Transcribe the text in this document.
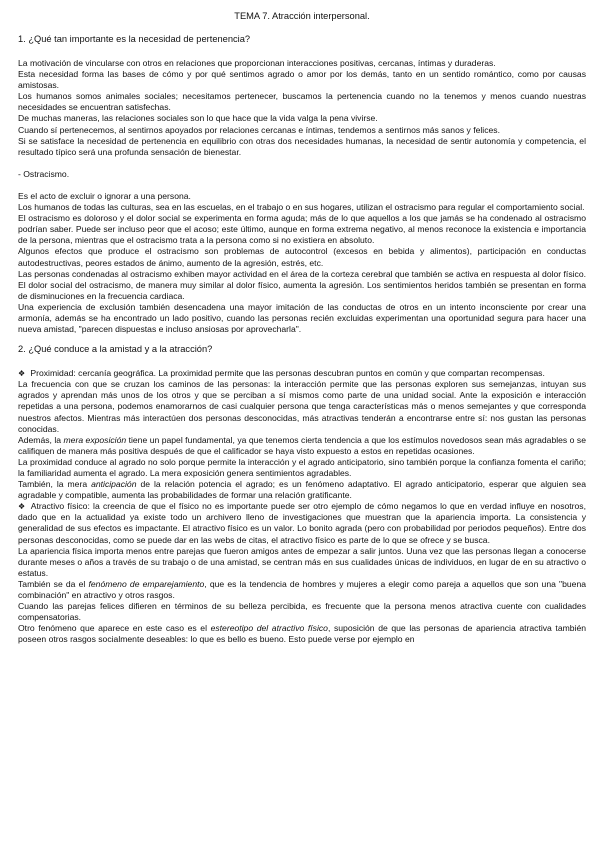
TEMA 7. Atracción interpersonal.
1. ¿Qué tan importante es la necesidad de pertenencia?

La motivación de vincularse con otros en relaciones que proporcionan interacciones positivas, cercanas, íntimas y duraderas.

Esta necesidad forma las bases de cómo y por qué sentimos agrado o amor por los demás, tanto en un sentido romántico, como por causas amistosas.

Los humanos somos animales sociales; necesitamos pertenecer, buscamos la pertenencia cuando no la tenemos y menos cuando nuestras necesidades se encuentran satisfechas.

De muchas maneras, las relaciones sociales son lo que hace que la vida valga la pena vivirse.

Cuando sí pertenecemos, al sentirnos apoyados por relaciones cercanas e íntimas, tendemos a sentirnos más sanos y felices.

Si se satisface la necesidad de pertenencia en equilibrio con otras dos necesidades humanas, la necesidad de sentir autonomía y competencia, el resultado típico será una profunda sensación de bienestar.

- Ostracismo.

Es el acto de excluir o ignorar a una persona.

Los humanos de todas las culturas, sea en las escuelas, en el trabajo o en sus hogares, utilizan el ostracismo para regular el comportamiento social.

El ostracismo es doloroso y el dolor social se experimenta en forma aguda; más de lo que aquellos a los que jamás se ha condenado al ostracismo podrían saber. Puede ser incluso peor que el acoso; este último, aunque en forma extrema negativo, al menos reconoce la existencia e importancia de la persona, mientras que el ostracismo trata a la persona como si no existiera en absoluto.

Algunos efectos que produce el ostracismo son problemas de autocontrol (excesos en bebida y alimentos), participación en conductas autodestructivas, peores estados de ánimo, aumento de la agresión, estrés, etc.

Las personas condenadas al ostracismo exhiben mayor actividad en el área de la corteza cerebral que también se activa en respuesta al dolor físico. El dolor social del ostracismo, de manera muy similar al dolor físico, aumenta la agresión. Los sentimientos heridos también se presentan en forma de disminuciones en la frecuencia cardiaca.

Una experiencia de exclusión también desencadena una mayor imitación de las conductas de otros en un intento inconsciente por crear una armonía, además se ha encontrado un lado positivo, cuando las personas recién excluidas experimentan una oportunidad segura para hacer una nueva amistad, "parecen dispuestas e incluso ansiosas por aprovecharla".

2. ¿Qué conduce a la amistad y a la atracción?

❖ Proximidad: cercanía geográfica. La proximidad permite que las personas descubran puntos en común y que compartan recompensas.

La frecuencia con que se cruzan los caminos de las personas: la interacción permite que las personas exploren sus semejanzas, intuyan sus agrados y aprendan más unos de los otros y que se perciban a sí mismos como parte de una unidad social. Ante la exposición e interacción repetidas a una persona, podemos enamorarnos de casi cualquier persona que tenga características más o menos semejantes y que corresponda nuestros afectos. Mientras más interactúen dos personas desconocidas, más atractivas tenderán a encontrarse entre sí: nos gustan las personas conocidas.

Además, la mera exposición tiene un papel fundamental, ya que tenemos cierta tendencia a que los estímulos novedosos sean más agradables o se califiquen de manera más positiva después de que el calificador se haya visto expuesto a estos en repetidas ocasiones.

La proximidad conduce al agrado no solo porque permite la interacción y el agrado anticipatorio, sino también porque la confianza fomenta el cariño; la familiaridad aumenta el agrado. La mera exposición genera sentimientos agradables.

También, la mera anticipación de la relación potencia el agrado; es un fenómeno adaptativo. El agrado anticipatorio, esperar que alguien sea agradable y compatible, aumenta las probabilidades de formar una relación gratificante.

❖ Atractivo físico: la creencia de que el físico no es importante puede ser otro ejemplo de cómo negamos lo que en verdad influye en nosotros, dado que en la actualidad ya existe todo un archivero lleno de investigaciones que muestran que la apariencia importa. La consistencia y generalidad de sus efectos es impactante. El atractivo físico es un valor. Lo bonito agrada (pero con probabilidad por periodos pequeños). Entre dos personas desconocidas, como se puede dar en las webs de citas, el atractivo físico es parte de lo que se ofrece y se busca.

La apariencia física importa menos entre parejas que fueron amigos antes de empezar a salir juntos. Uuna vez que las personas llegan a conocerse durante meses o años a través de su trabajo o de una amistad, se centran más en sus cualidades únicas de individuos, en lugar de en su atractivo o estatus.

También se da el fenómeno de emparejamiento, que es la tendencia de hombres y mujeres a elegir como pareja a aquellos que son una "buena combinación" en atractivo y otros rasgos.

Cuando las parejas felices difieren en términos de su belleza percibida, es frecuente que la persona menos atractiva cuente con cualidades compensatorias.

Otro fenómeno que aparece en este caso es el estereotipo del atractivo físico, suposición de que las personas de apariencia atractiva también poseen otros rasgos socialmente deseables: lo que es bello es bueno. Esto puede verse por ejemplo en
